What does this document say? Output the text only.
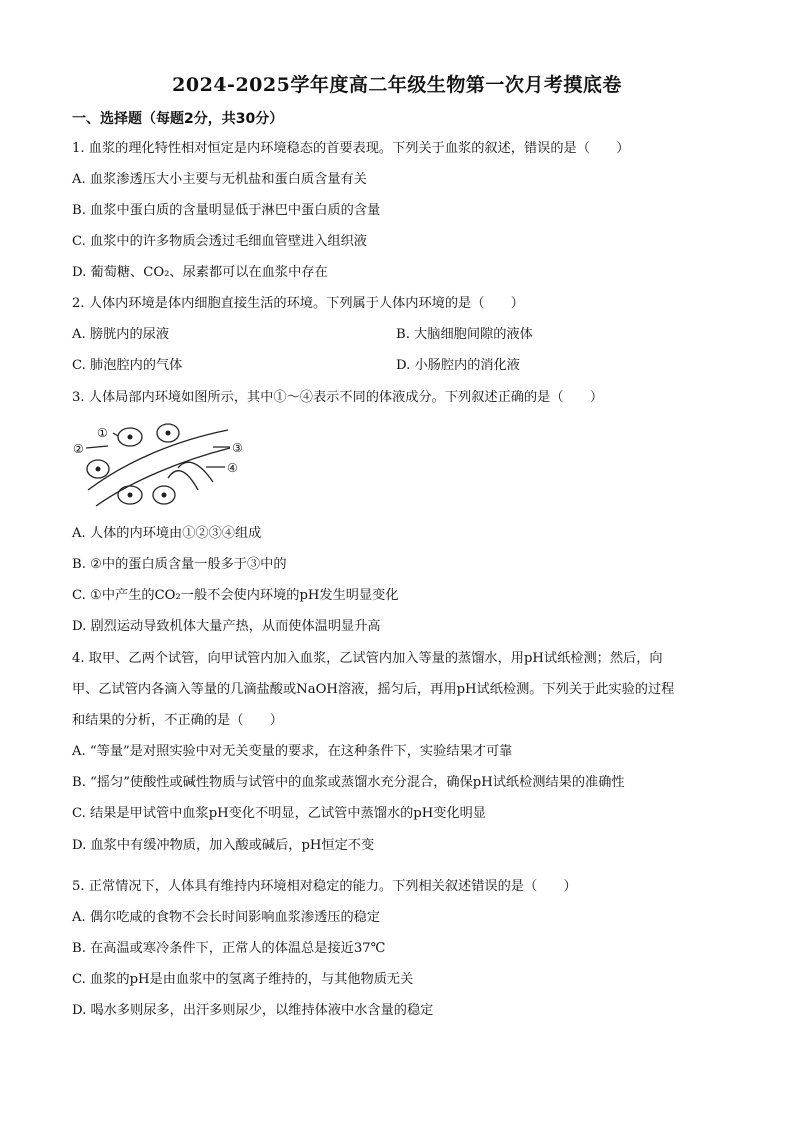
2024-2025学年度高二年级生物第一次月考摸底卷
一、选择题（每题2分，共30分）
1. 血浆的理化特性相对恒定是内环境稳态的首要表现。下列关于血浆的叙述，错误的是（　　）
A. 血浆渗透压大小主要与无机盐和蛋白质含量有关
B. 血浆中蛋白质的含量明显低于淋巴中蛋白质的含量
C. 血浆中的许多物质会透过毛细血管壁进入组织液
D. 葡萄糖、CO₂、尿素都可以在血浆中存在
2. 人体内环境是体内细胞直接生活的环境。下列属于人体内环境的是（　　）
A. 膀胱内的尿液	B. 大脑细胞间隙的液体
C. 肺泡腔内的气体	D. 小肠腔内的消化液
3. 人体局部内环境如图所示，其中①～④表示不同的体液成分。下列叙述正确的是（　　）
①
②	③
④
A. 人体的内环境由①②③④组成
B. ②中的蛋白质含量一般多于③中的
C. ①中产生的CO₂一般不会使内环境的pH发生明显变化
D. 剧烈运动导致机体大量产热，从而使体温明显升高
4. 取甲、乙两个试管，向甲试管内加入血浆，乙试管内加入等量的蒸馏水，用pH试纸检测；然后，向
甲、乙试管内各滴入等量的几滴盐酸或NaOH溶液，摇匀后，再用pH试纸检测。下列关于此实验的过程
和结果的分析，不正确的是（　　）
A. “等量”是对照实验中对无关变量的要求，在这种条件下，实验结果才可靠
B. “摇匀”使酸性或碱性物质与试管中的血浆或蒸馏水充分混合，确保pH试纸检测结果的准确性
C. 结果是甲试管中血浆pH变化不明显，乙试管中蒸馏水的pH变化明显
D. 血浆中有缓冲物质，加入酸或碱后，pH恒定不变
5. 正常情况下，人体具有维持内环境相对稳定的能力。下列相关叙述错误的是（　　）
A. 偶尔吃咸的食物不会长时间影响血浆渗透压的稳定
B. 在高温或寒冷条件下，正常人的体温总是接近37℃
C. 血浆的pH是由血浆中的氢离子维持的，与其他物质无关
D. 喝水多则尿多，出汗多则尿少，以维持体液中水含量的稳定
